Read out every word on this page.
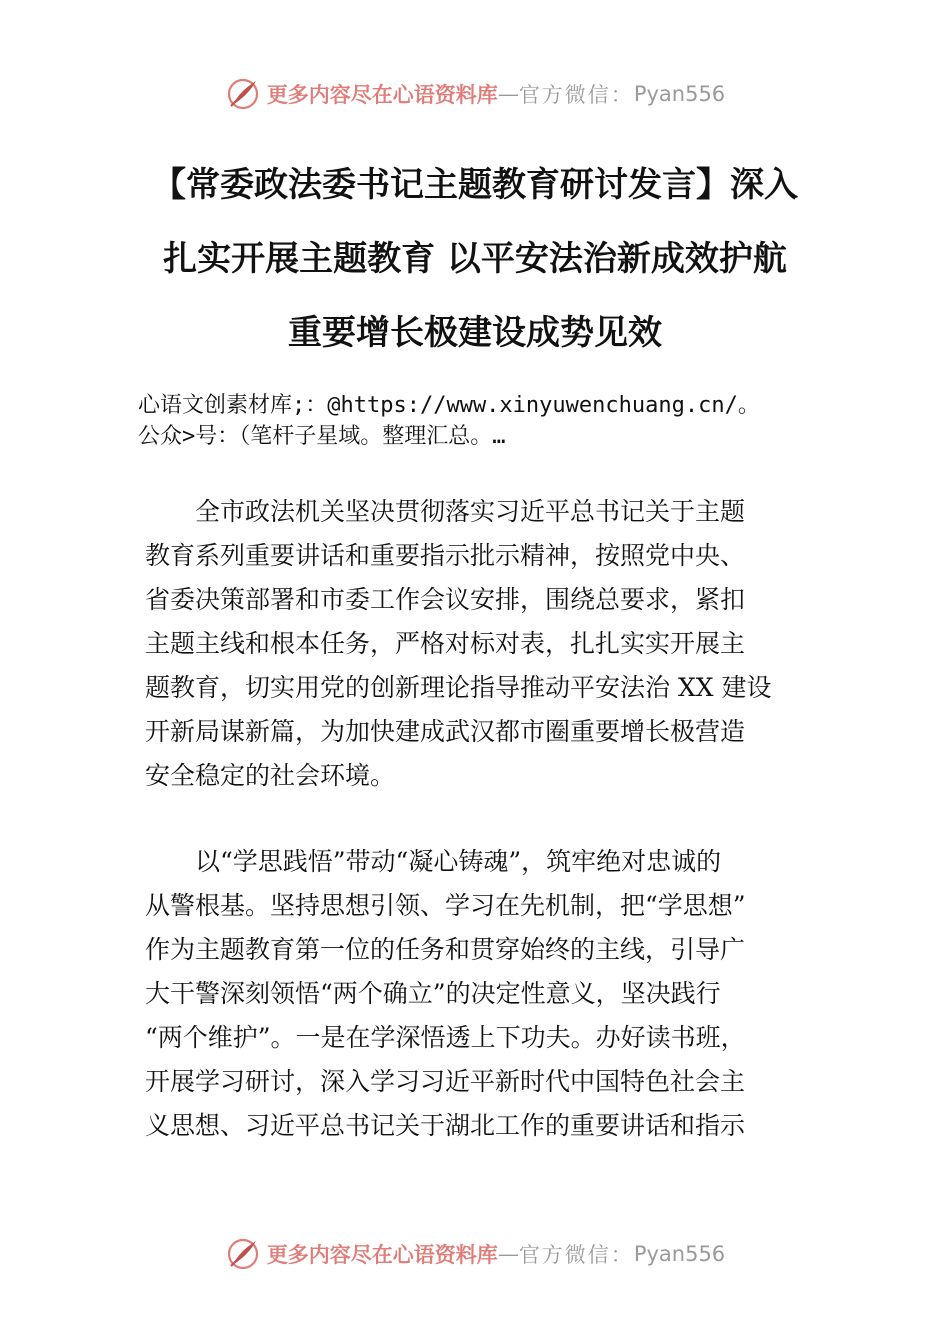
更多内容尽在心语资料库 — 官方微信： Pyan556
【常委政法委书记主题教育研讨发言】深入
扎实开展主题教育 以平安法治新成效护航
重要增长极建设成势见效
心语文创素材库;：@https://www.xinyuwenchuang.cn/。
公众>号：（笔杆子星域。整理汇总。…
　　全市政法机关坚决贯彻落实习近平总书记关于主题
教育系列重要讲话和重要指示批示精神，按照党中央、
省委决策部署和市委工作会议安排，围绕总要求，紧扣
主题主线和根本任务，严格对标对表，扎扎实实开展主
题教育，切实用党的创新理论指导推动平安法治 XX 建设
开新局谋新篇，为加快建成武汉都市圈重要增长极营造
安全稳定的社会环境。
　　以“学思践悟”带动“凝心铸魂”，筑牢绝对忠诚的
从警根基。坚持思想引领、学习在先机制，把“学思想”
作为主题教育第一位的任务和贯穿始终的主线，引导广
大干警深刻领悟“两个确立”的决定性意义，坚决践行
“两个维护”。一是在学深悟透上下功夫。办好读书班，
开展学习研讨，深入学习习近平新时代中国特色社会主
义思想、习近平总书记关于湖北工作的重要讲话和指示
更多内容尽在心语资料库 — 官方微信： Pyan556
